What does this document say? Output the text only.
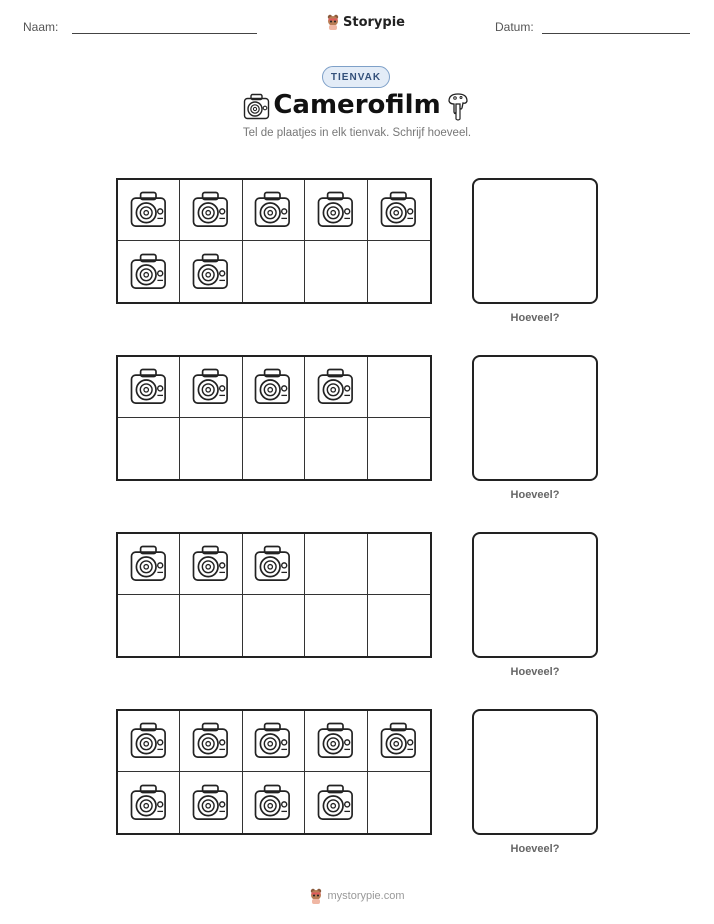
Naam:	Storypie	Datum:
TIENVAK
Camerofilm
Tel de plaatjes in elk tienvak. Schrijf hoeveel.
Hoeveel?
Hoeveel?
Hoeveel?
Hoeveel?
mystorypie.com
